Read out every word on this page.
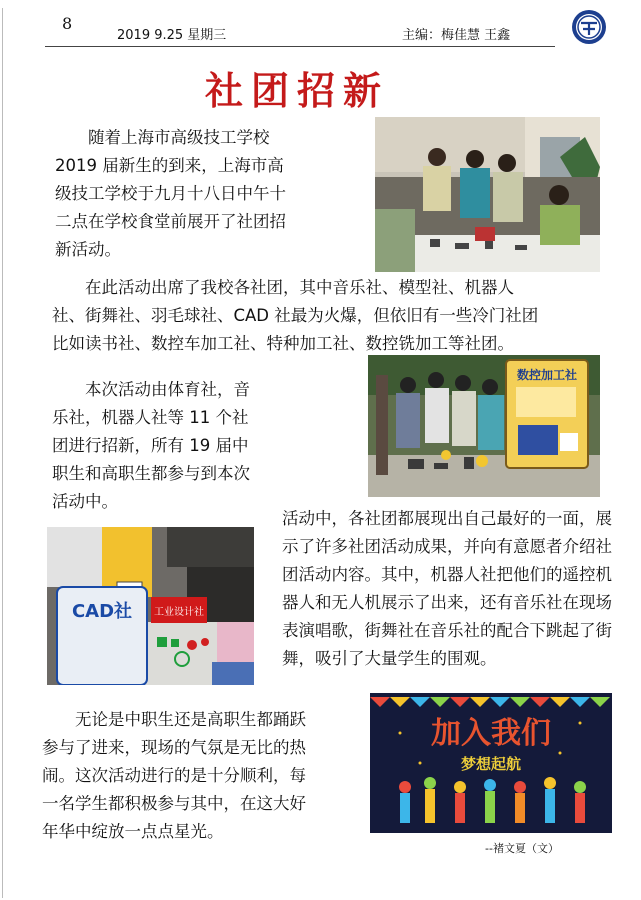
8
2019 9.25 星期三	主编：梅佳慧 王鑫
社团招新
随着上海市高级技工学校
2019 届新生的到来，上海市高
级技工学校于九月十八日中午十
二点在学校食堂前展开了社团招
新活动。
在此活动出席了我校各社团，其中音乐社、模型社、机器人
社、街舞社、羽毛球社、CAD 社最为火爆，但依旧有一些冷门社团
比如读书社、数控车加工社、特种加工社、数控铣加工等社团。
本次活动由体育社，音
乐社，机器人社等 11 个社
团进行招新，所有 19 届中
职生和高职生都参与到本次
活动中。
数控加工社
CAD社 工业设计社
活动中，各社团都展现出自己最好的一面，展
示了许多社团活动成果，并向有意愿者介绍社
团活动内容。其中，机器人社把他们的遥控机
器人和无人机展示了出来，还有音乐社在现场
表演唱歌，街舞社在音乐社的配合下跳起了街
舞，吸引了大量学生的围观。
无论是中职生还是高职生都踊跃
参与了进来，现场的气氛是无比的热
闹。这次活动进行的是十分顺利，每
一名学生都积极参与其中，在这大好
年华中绽放一点点星光。
加入我们
梦想起航
--褚文夏（文）
